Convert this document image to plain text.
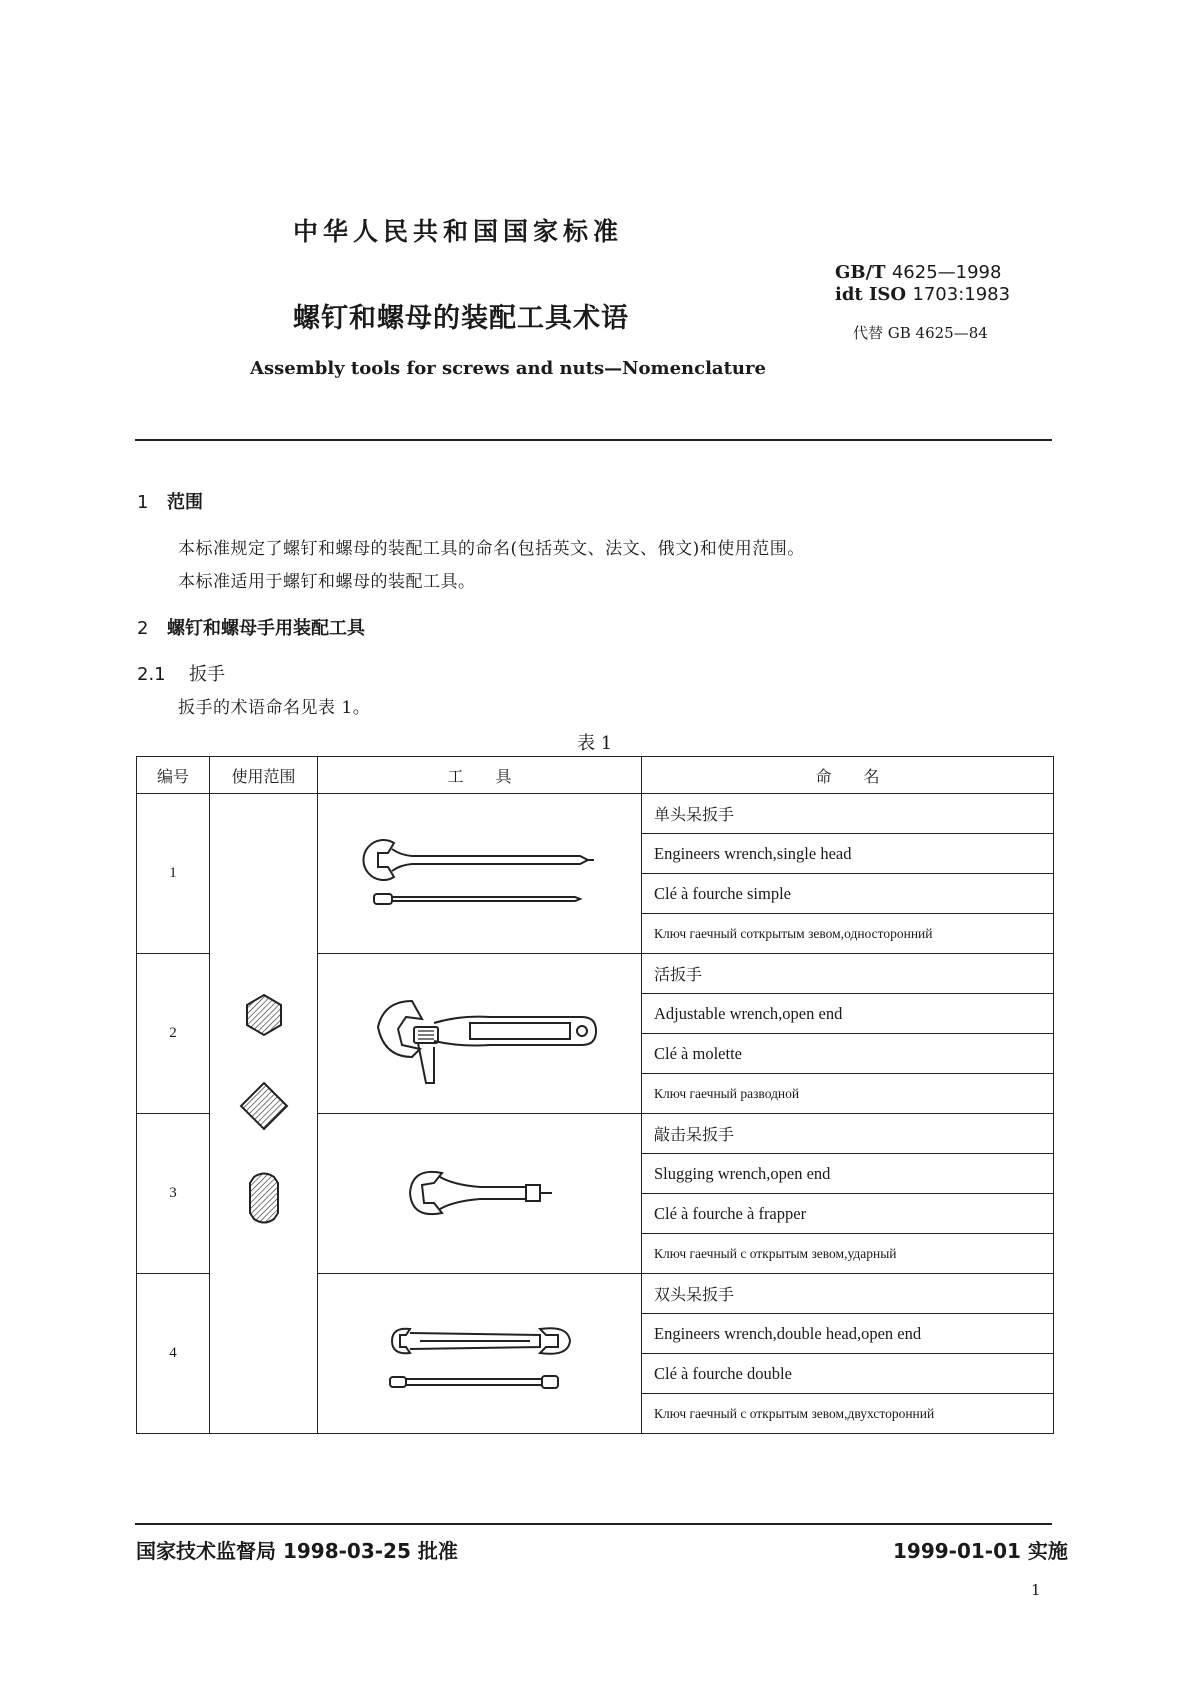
中华人民共和国国家标准
GB/T 4625—1998
idt ISO 1703:1983
螺钉和螺母的装配工具术语	代替 GB 4625—84
Assembly tools for screws and nuts—Nomenclature
1 范围
本标准规定了螺钉和螺母的装配工具的命名(包括英文、法文、俄文)和使用范围。
本标准适用于螺钉和螺母的装配工具。
2 螺钉和螺母手用装配工具
2.1 扳手
扳手的术语命名见表 1。
表 1
编号	使用范围	工　　具	命　　名
1			单头呆扳手
			Engineers wrench,single head
			Clé à fourche simple
			Ключ гаечный соткрытым зевом,односторонний
2			活扳手
			Adjustable wrench,open end
			Clé à molette
			Ключ гаечный разводной
3			敲击呆扳手
			Slugging wrench,open end
			Clé à fourche à frapper
			Ключ гаечный с открытым зевом,ударный
4			双头呆扳手
			Engineers wrench,double head,open end
			Clé à fourche double
			Ключ гаечный с открытым зевом,двухсторонний
国家技术监督局 1998-03-25 批准	1999-01-01 实施
1
